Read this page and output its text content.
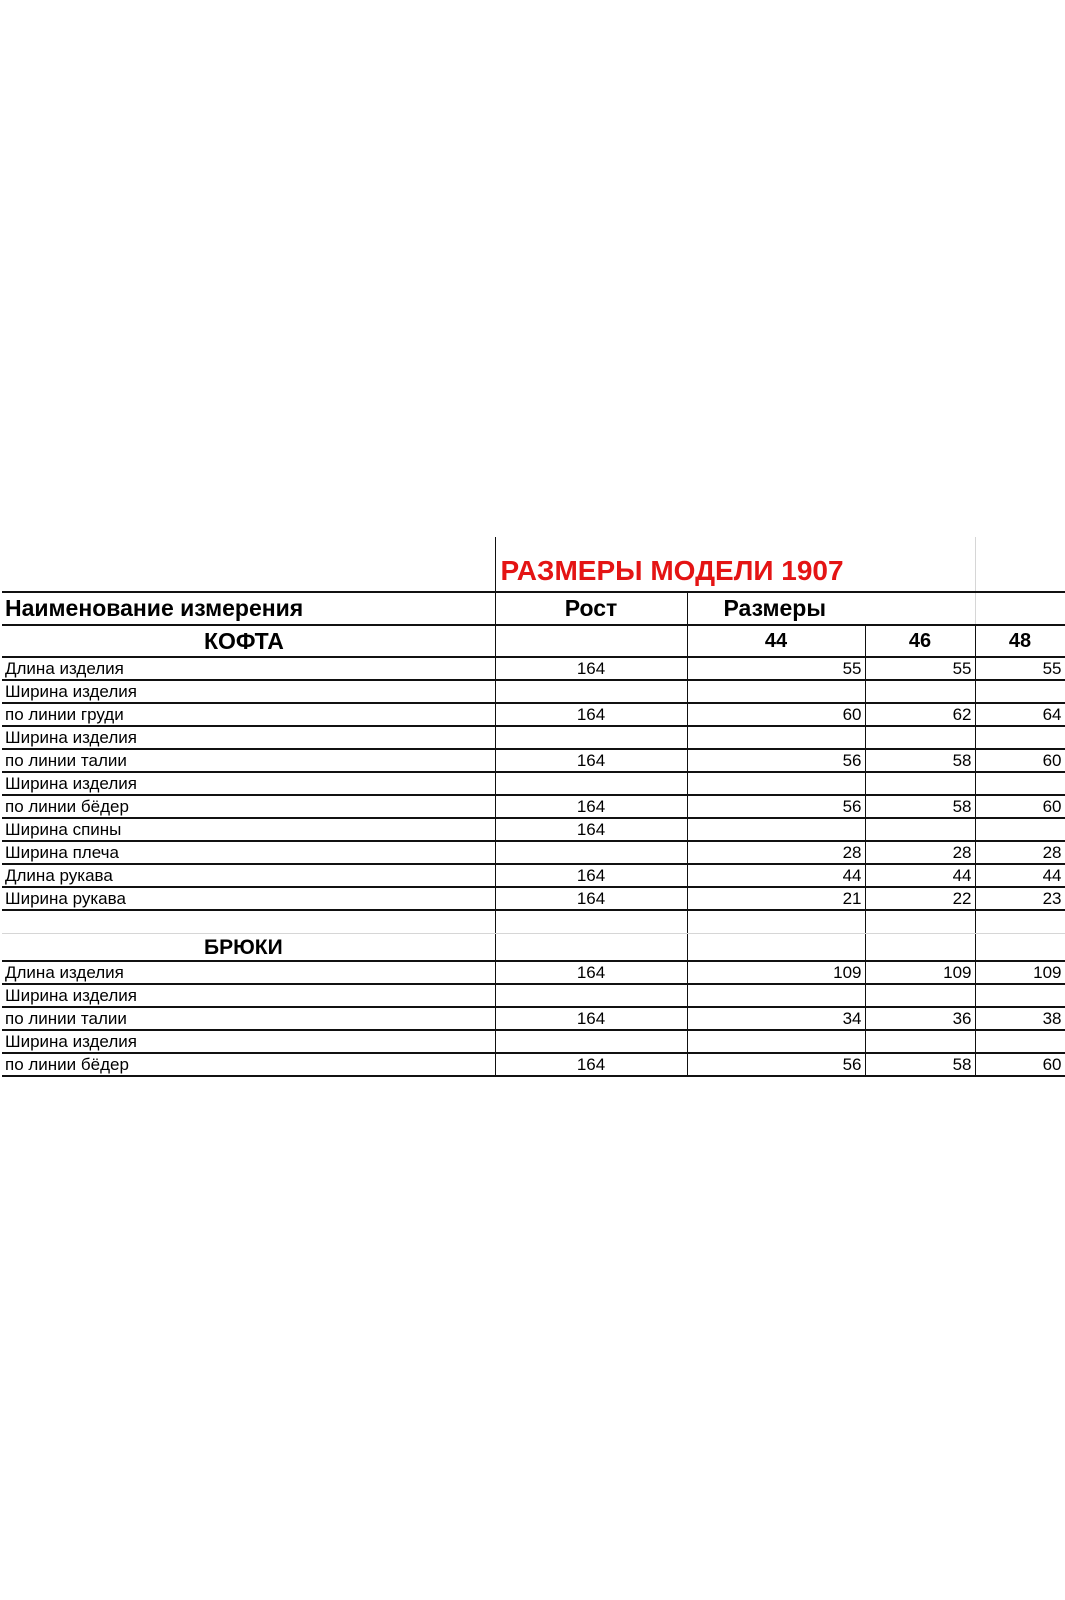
	РАЗМЕРЫ МОДЕЛИ 1907			
Наименование измерения	Рост	Размеры		
КОФТА		44	46	48
Длина изделия	164	55	55	55
Ширина изделия				
по линии груди	164	60	62	64
Ширина изделия				
по линии талии	164	56	58	60
Ширина изделия				
по линии бёдер	164	56	58	60
Ширина спины	164			
Ширина плеча		28	28	28
Длина рукава	164	44	44	44
Ширина рукава	164	21	22	23

БРЮКИ				
Длина изделия	164	109	109	109
Ширина изделия				
по линии талии	164	34	36	38
Ширина изделия				
по линии бёдер	164	56	58	60
